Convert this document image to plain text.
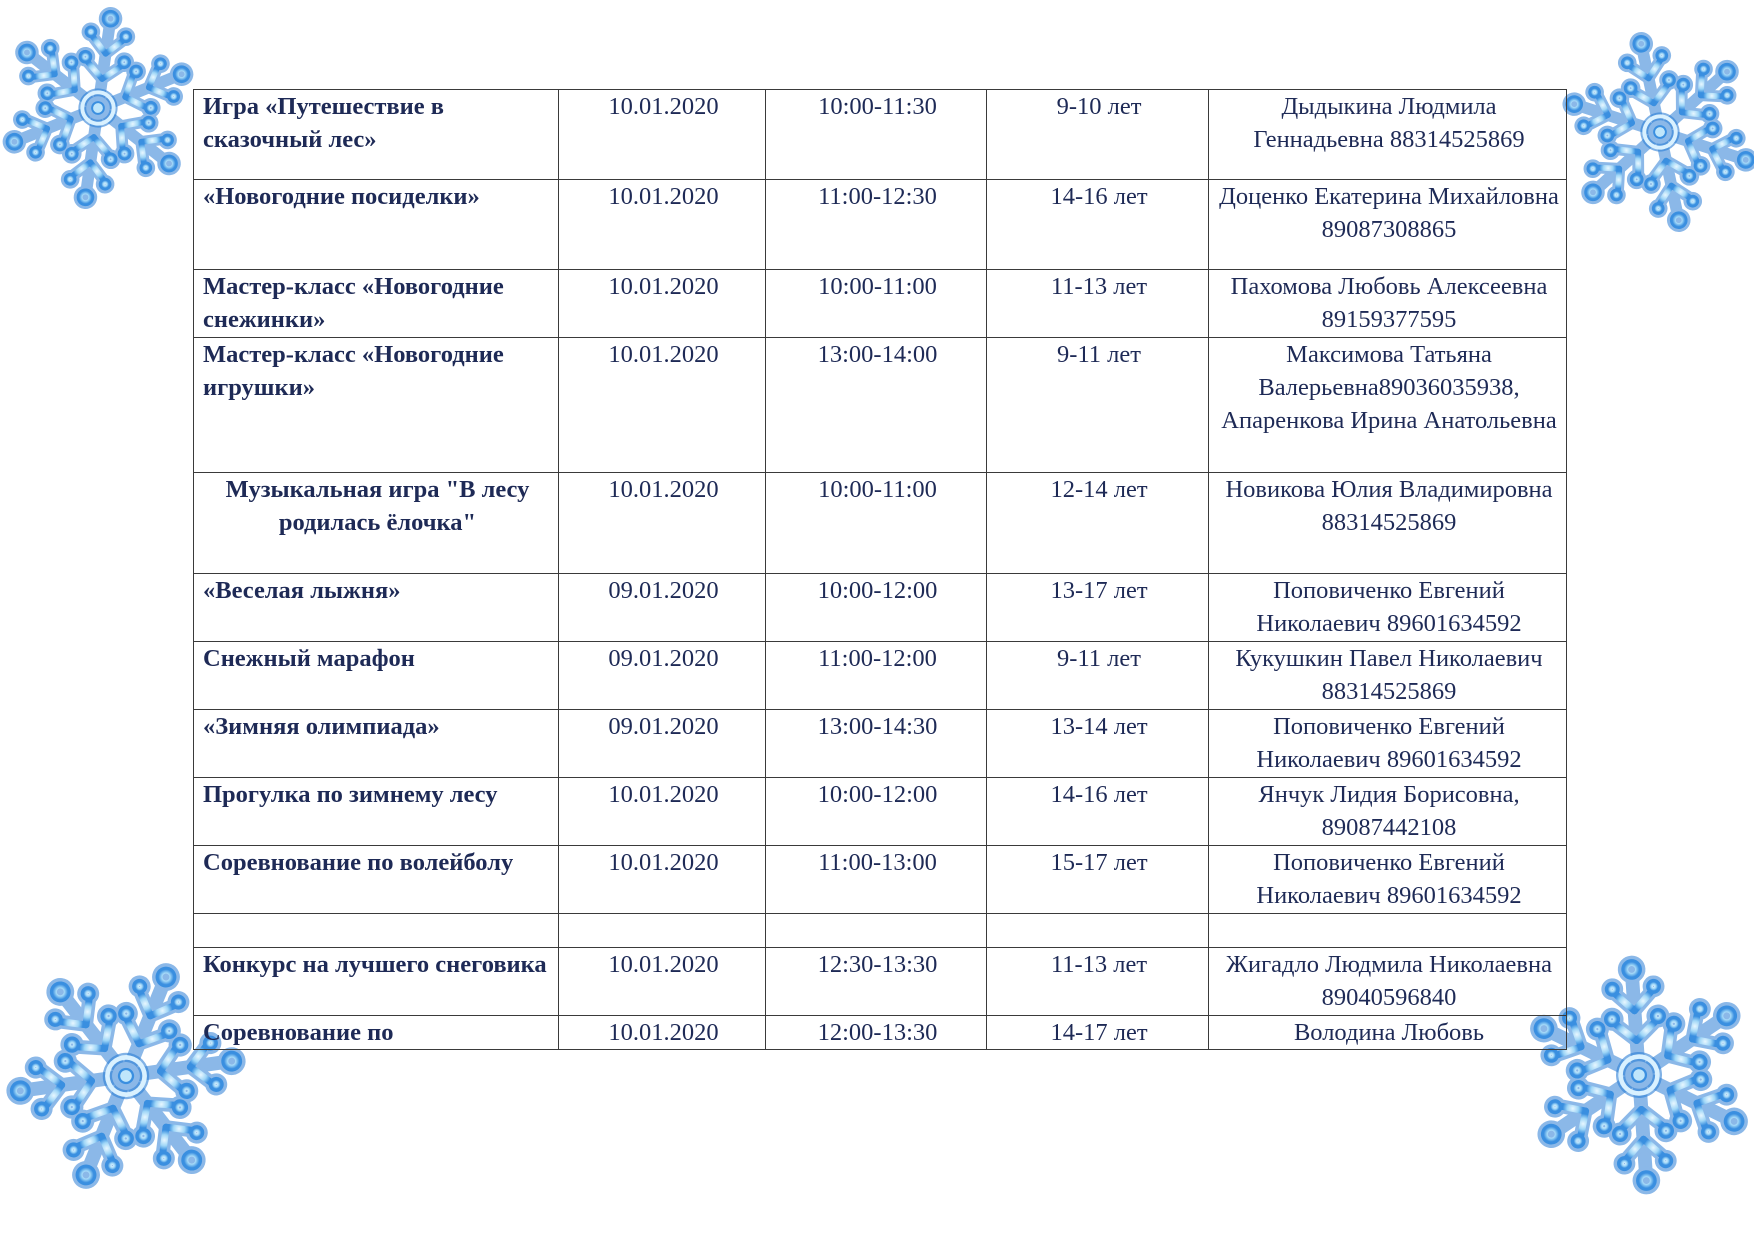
Игра «Путешествие в сказочный лес»	10.01.2020	10:00-11:30	9-10 лет	Дыдыкина Людмила Геннадьевна 88314525869
«Новогодние посиделки»	10.01.2020	11:00-12:30	14-16 лет	Доценко Екатерина Михайловна 89087308865
Мастер-класс «Новогодние снежинки»	10.01.2020	10:00-11:00	11-13 лет	Пахомова Любовь Алексеевна 89159377595
Мастер-класс «Новогодние игрушки»	10.01.2020	13:00-14:00	9-11 лет	Максимова Татьяна Валерьевна89036035938, Апаренкова Ирина Анатольевна
Музыкальная игра "В лесу родилась ёлочка"	10.01.2020	10:00-11:00	12-14 лет	Новикова Юлия Владимировна 88314525869
«Веселая лыжня»	09.01.2020	10:00-12:00	13-17 лет	Поповиченко Евгений Николаевич 89601634592
Снежный марафон	09.01.2020	11:00-12:00	9-11 лет	Кукушкин Павел Николаевич 88314525869
«Зимняя олимпиада»	09.01.2020	13:00-14:30	13-14 лет	Поповиченко Евгений Николаевич 89601634592
Прогулка по зимнему лесу	10.01.2020	10:00-12:00	14-16 лет	Янчук Лидия Борисовна, 89087442108
Соревнование по волейболу	10.01.2020	11:00-13:00	15-17 лет	Поповиченко Евгений Николаевич 89601634592

Конкурс на лучшего снеговика	10.01.2020	12:30-13:30	11-13 лет	Жигадло Людмила Николаевна 89040596840
Соревнование по	10.01.2020	12:00-13:30	14-17 лет	Володина Любовь
